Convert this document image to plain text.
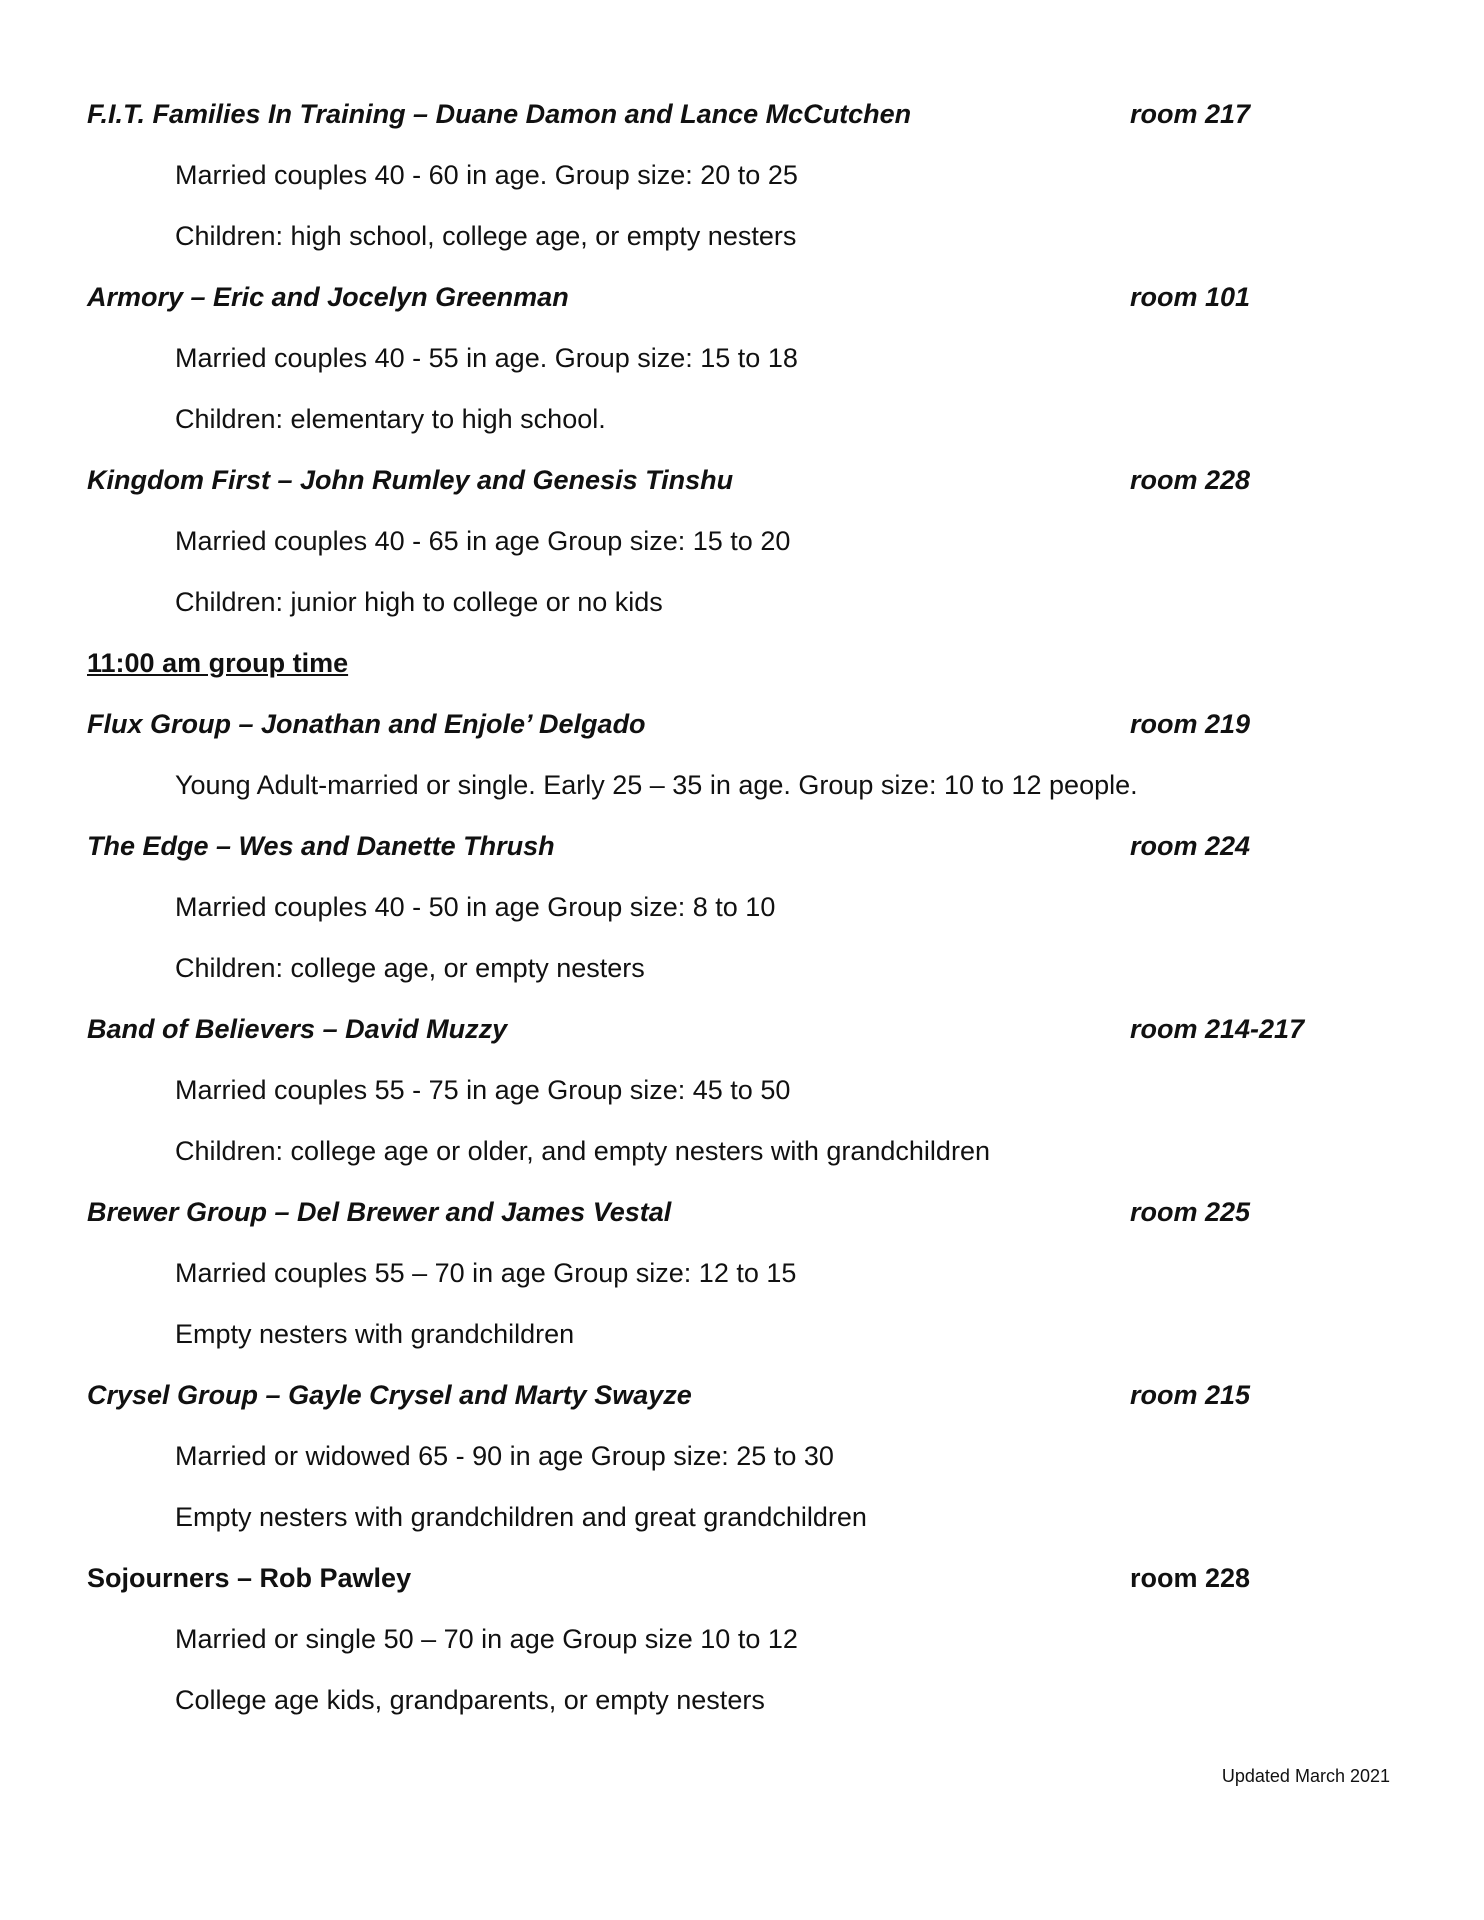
F.I.T. Families In Training – Duane Damon and Lance McCutchen	room 217
Married couples 40 - 60 in age. Group size: 20 to 25
Children: high school, college age, or empty nesters
Armory – Eric and Jocelyn Greenman	room 101
Married couples 40 - 55 in age. Group size: 15 to 18
Children: elementary to high school.
Kingdom First – John Rumley and Genesis Tinshu	room 228
Married couples 40 - 65 in age Group size: 15 to 20
Children: junior high to college or no kids
11:00 am group time
Flux Group – Jonathan and Enjole’ Delgado	room 219
Young Adult-married or single. Early 25 – 35 in age. Group size: 10 to 12 people.
The Edge – Wes and Danette Thrush	room 224
Married couples 40 - 50 in age Group size: 8 to 10
Children: college age, or empty nesters
Band of Believers – David Muzzy	room 214-217
Married couples 55 - 75 in age Group size: 45 to 50
Children: college age or older, and empty nesters with grandchildren
Brewer Group – Del Brewer and James Vestal	room 225
Married couples 55 – 70 in age Group size: 12 to 15
Empty nesters with grandchildren
Crysel Group – Gayle Crysel and Marty Swayze	room 215
Married or widowed 65 - 90 in age Group size: 25 to 30
Empty nesters with grandchildren and great grandchildren
Sojourners – Rob Pawley	room 228
Married or single 50 – 70 in age Group size 10 to 12
College age kids, grandparents, or empty nesters
Updated March 2021
